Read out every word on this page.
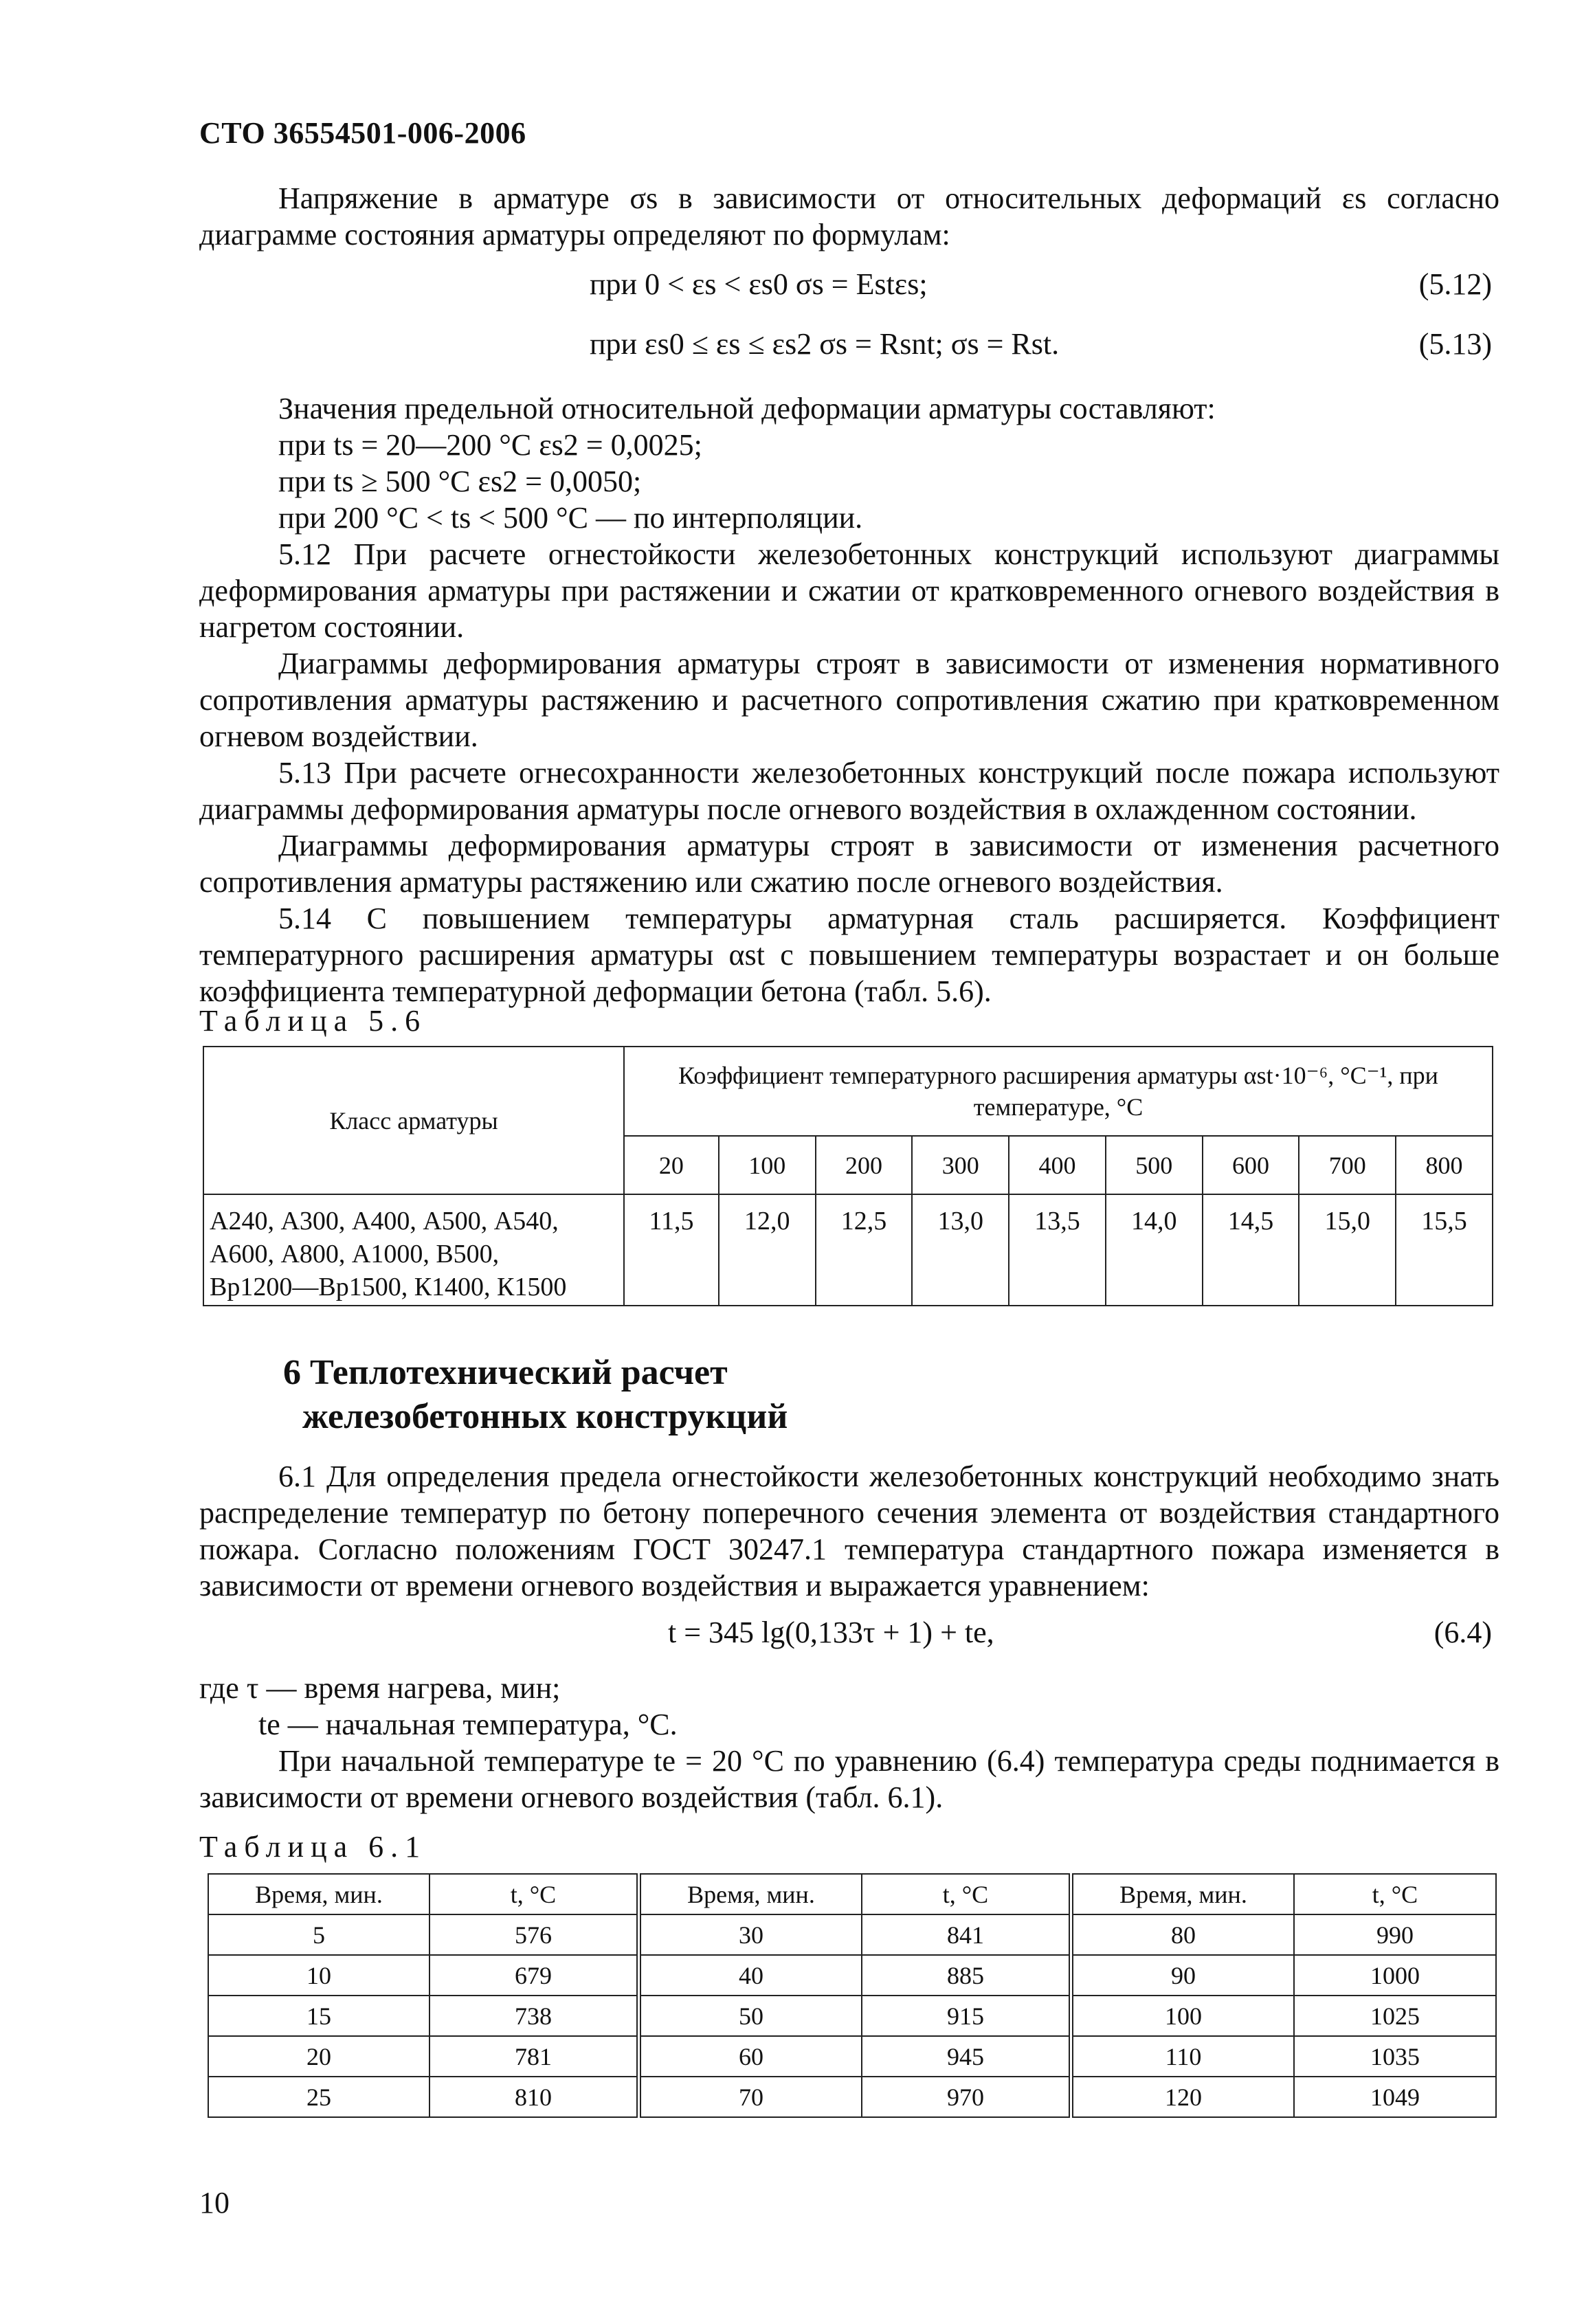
СТО 36554501-006-2006
Напряжение в арматуре σs в зависимости от относительных деформаций εs согласно диаграмме состояния арматуры определяют по формулам:
при 0 < εs < εs0 σs = Estεs;	(5.12)
при εs0 ≤ εs ≤ εs2 σs = Rsnt; σs = Rst.	(5.13)
Значения предельной относительной деформации арматуры составляют:
при ts = 20—200 °C εs2 = 0,0025;
при ts ≥ 500 °C εs2 = 0,0050;
при 200 °C < ts < 500 °C — по интерполяции.
5.12 При расчете огнестойкости железобетонных конструкций используют диаграммы деформирования арматуры при растяжении и сжатии от кратковременного огневого воздействия в нагретом состоянии.
Диаграммы деформирования арматуры строят в зависимости от изменения нормативного сопротивления арматуры растяжению и расчетного сопротивления сжатию при кратковременном огневом воздействии.
5.13 При расчете огнесохранности железобетонных конструкций после пожара используют диаграммы деформирования арматуры после огневого воздействия в охлажденном состоянии.
Диаграммы деформирования арматуры строят в зависимости от изменения расчетного сопротивления арматуры растяжению или сжатию после огневого воздействия.
5.14 С повышением температуры арматурная сталь расширяется. Коэффициент температурного расширения арматуры αst с повышением температуры возрастает и он больше коэффициента температурной деформации бетона (табл. 5.6).
Таблица 5.6
Класс арматуры	Коэффициент температурного расширения арматуры αst·10⁻⁶, °C⁻¹, при температуре, °C								
	20	100	200	300	400	500	600	700	800

А240, А300, А400, А500, А540,
А600, А800, А1000, В500,
Вр1200—Вр1500, К1400, К1500	11,5	12,0	12,5	13,0	13,5	14,0	14,5	15,0	15,5
6 Теплотехнический расчет
железобетонных конструкций
6.1 Для определения предела огнестойкости железобетонных конструкций необходимо знать распределение температур по бетону поперечного сечения элемента от воздействия стандартного пожара. Согласно положениям ГОСТ 30247.1 температура стандартного пожара изменяется в зависимости от времени огневого воздействия и выражается уравнением:
t = 345 lg(0,133τ + 1) + te,	(6.4)
где τ — время нагрева, мин;
te — начальная температура, °C.
При начальной температуре te = 20 °C по уравнению (6.4) температура среды поднимается в зависимости от времени огневого воздействия (табл. 6.1).
Таблица 6.1
Время, мин.	t, °C	Время, мин.	t, °C	Время, мин.	t, °C
5	576	30	841	80	990
10	679	40	885	90	1000
15	738	50	915	100	1025
20	781	60	945	110	1035
25	810	70	970	120	1049
10
